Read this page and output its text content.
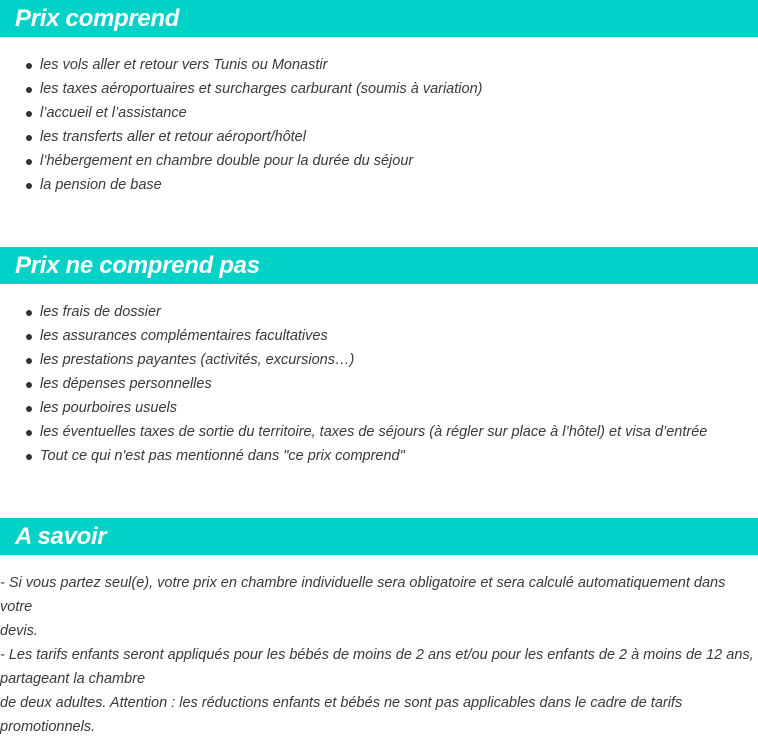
Prix comprend
les vols aller et retour vers Tunis ou Monastir
les taxes aéroportuaires et surcharges carburant (soumis à variation)
l’accueil et l’assistance
les transferts aller et retour aéroport/hôtel
l’hébergement en chambre double pour la durée du séjour
la pension de base
Prix ne comprend pas
les frais de dossier
les assurances complémentaires facultatives
les prestations payantes (activités, excursions…)
les dépenses personnelles
les pourboires usuels
les éventuelles taxes de sortie du territoire, taxes de séjours (à régler sur place à l’hôtel) et visa d’entrée
Tout ce qui n'est pas mentionné dans "ce prix comprend"
A savoir

- Si vous partez seul(e), votre prix en chambre individuelle sera obligatoire et sera calculé automatiquement dans votre

devis.

- Les tarifs enfants seront appliqués pour les bébés de moins de 2 ans et/ou pour les enfants de 2 à moins de 12 ans,

partageant la chambre

de deux adultes. Attention : les réductions enfants et bébés ne sont pas applicables dans le cadre de tarifs promotionnels.
